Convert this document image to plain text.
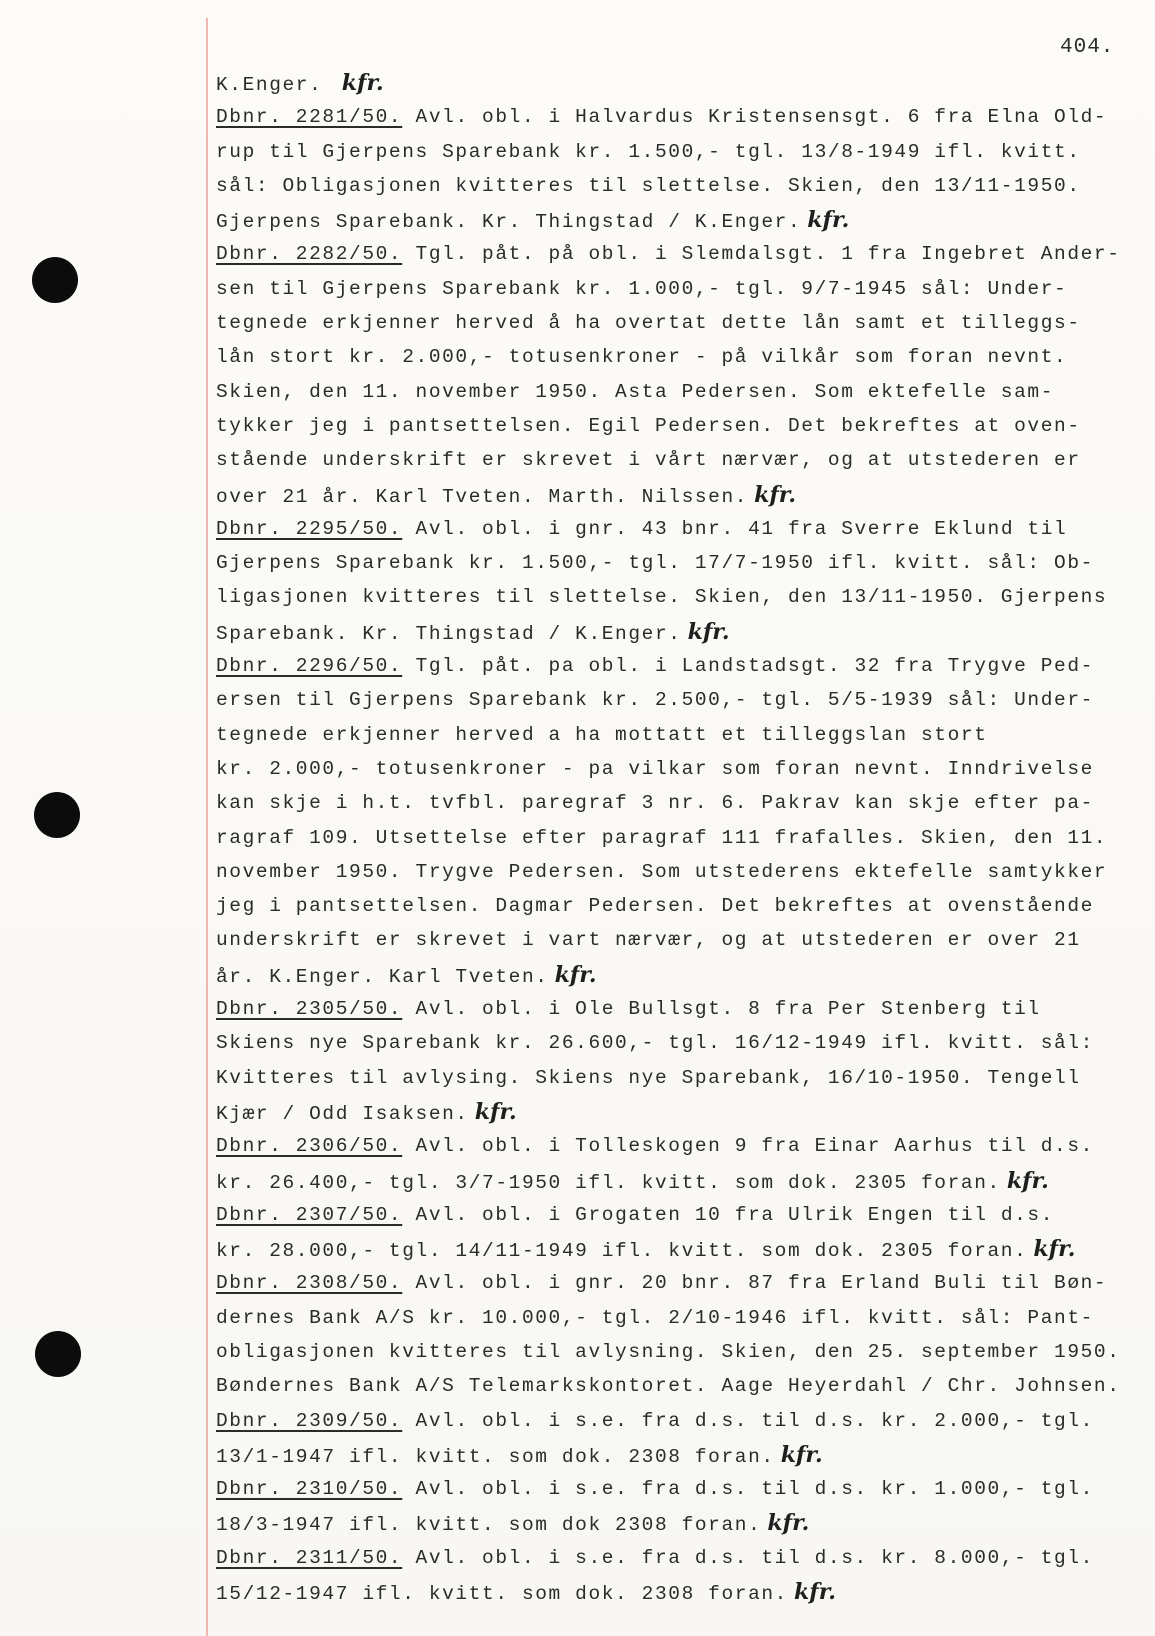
404.
K.Enger. kfr.
Dbnr. 2281/50. Avl. obl. i Halvardus Kristensensgt. 6 fra Elna Old-
rup til Gjerpens Sparebank kr. 1.500,- tgl. 13/8-1949 ifl. kvitt.
sål: Obligasjonen kvitteres til slettelse. Skien, den 13/11-1950.
Gjerpens Sparebank. Kr. Thingstad / K.Enger. kfr.
Dbnr. 2282/50. Tgl. påt. på obl. i Slemdalsgt. 1 fra Ingebret Ander-
sen til Gjerpens Sparebank kr. 1.000,- tgl. 9/7-1945 sål: Under-
tegnede erkjenner herved å ha overtat dette lån samt et tilleggs-
lån stort kr. 2.000,- totusenkroner - på vilkår som foran nevnt.
Skien, den 11. november 1950. Asta Pedersen. Som ektefelle sam-
tykker jeg i pantsettelsen. Egil Pedersen. Det bekreftes at oven-
stående underskrift er skrevet i vårt nærvær, og at utstederen er
over 21 år. Karl Tveten. Marth. Nilssen. kfr.
Dbnr. 2295/50. Avl. obl. i gnr. 43 bnr. 41 fra Sverre Eklund til
Gjerpens Sparebank kr. 1.500,- tgl. 17/7-1950 ifl. kvitt. sål: Ob-
ligasjonen kvitteres til slettelse. Skien, den 13/11-1950. Gjerpens
Sparebank. Kr. Thingstad / K.Enger. kfr.
Dbnr. 2296/50. Tgl. påt. pa obl. i Landstadsgt. 32 fra Trygve Ped-
ersen til Gjerpens Sparebank kr. 2.500,- tgl. 5/5-1939 sål: Under-
tegnede erkjenner herved a ha mottatt et tilleggslan stort
kr. 2.000,- totusenkroner - pa vilkar som foran nevnt. Inndrivelse
kan skje i h.t. tvfbl. paregraf 3 nr. 6. Pakrav kan skje efter pa-
ragraf 109. Utsettelse efter paragraf 111 frafalles. Skien, den 11.
november 1950. Trygve Pedersen. Som utstederens ektefelle samtykker
jeg i pantsettelsen. Dagmar Pedersen. Det bekreftes at ovenstående
underskrift er skrevet i vart nærvær, og at utstederen er over 21
år. K.Enger. Karl Tveten. kfr.
Dbnr. 2305/50. Avl. obl. i Ole Bullsgt. 8 fra Per Stenberg til
Skiens nye Sparebank kr. 26.600,- tgl. 16/12-1949 ifl. kvitt. sål:
Kvitteres til avlysing. Skiens nye Sparebank, 16/10-1950. Tengell
Kjær / Odd Isaksen. kfr.
Dbnr. 2306/50. Avl. obl. i Tolleskogen 9 fra Einar Aarhus til d.s.
kr. 26.400,- tgl. 3/7-1950 ifl. kvitt. som dok. 2305 foran. kfr.
Dbnr. 2307/50. Avl. obl. i Grogaten 10 fra Ulrik Engen til d.s.
kr. 28.000,- tgl. 14/11-1949 ifl. kvitt. som dok. 2305 foran. kfr.
Dbnr. 2308/50. Avl. obl. i gnr. 20 bnr. 87 fra Erland Buli til Bøn-
dernes Bank A/S kr. 10.000,- tgl. 2/10-1946 ifl. kvitt. sål: Pant-
obligasjonen kvitteres til avlysning. Skien, den 25. september 1950.
Bøndernes Bank A/S Telemarkskontoret. Aage Heyerdahl / Chr. Johnsen.
Dbnr. 2309/50. Avl. obl. i s.e. fra d.s. til d.s. kr. 2.000,- tgl.
13/1-1947 ifl. kvitt. som dok. 2308 foran. kfr.
Dbnr. 2310/50. Avl. obl. i s.e. fra d.s. til d.s. kr. 1.000,- tgl.
18/3-1947 ifl. kvitt. som dok 2308 foran. kfr.
Dbnr. 2311/50. Avl. obl. i s.e. fra d.s. til d.s. kr. 8.000,- tgl.
15/12-1947 ifl. kvitt. som dok. 2308 foran. kfr.
